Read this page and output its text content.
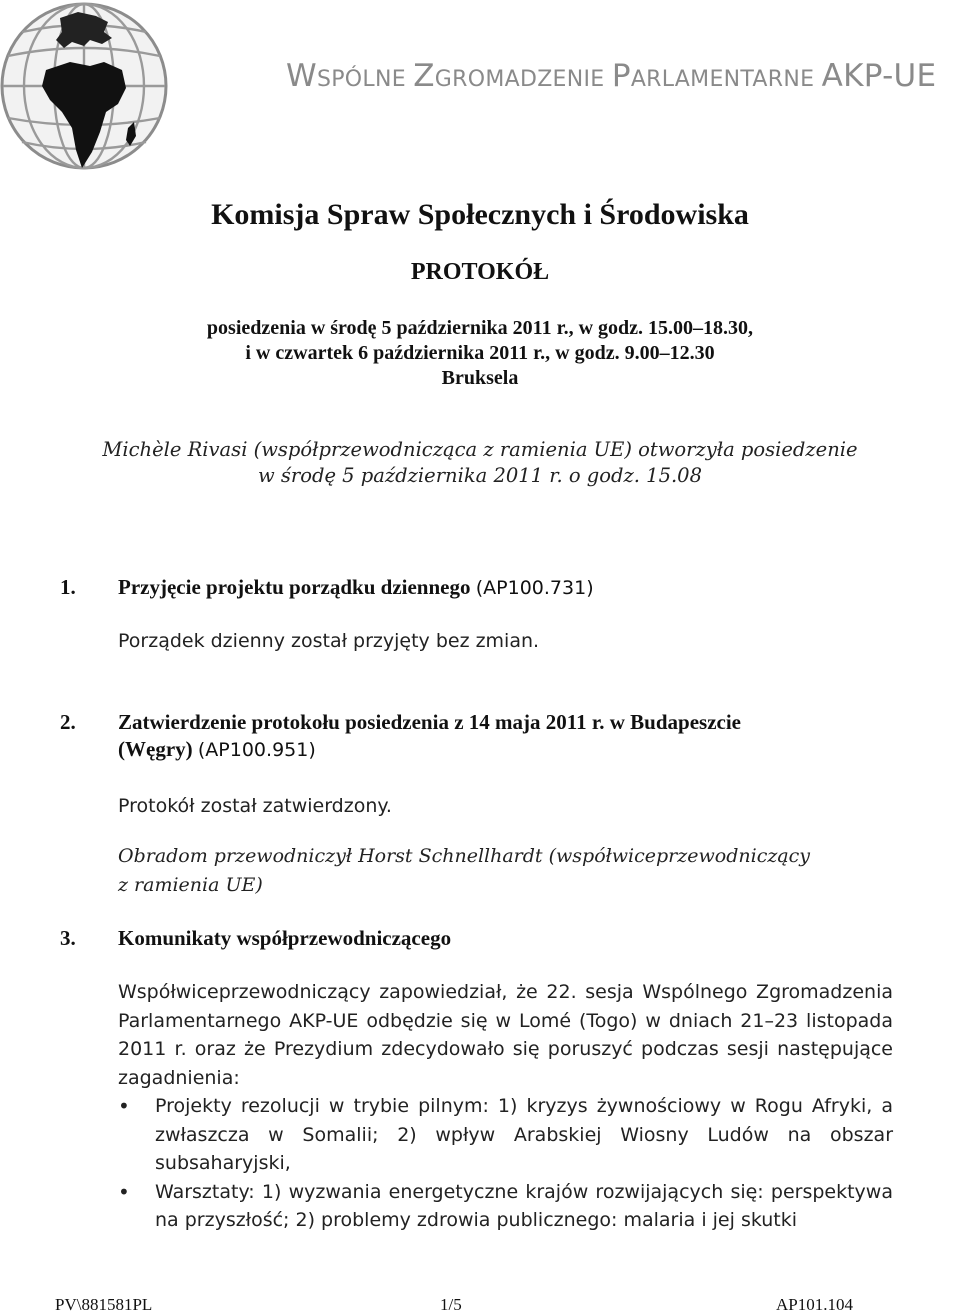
WSPÓLNE ZGROMADZENIE PARLAMENTARNE AKP-UE
Komisja Spraw Społecznych i Środowiska
PROTOKÓŁ
posiedzenia w środę 5 października 2011 r., w godz. 15.00–18.30,
i w czwartek 6 października 2011 r., w godz. 9.00–12.30
Bruksela
Michèle Rivasi (współprzewodnicząca z ramienia UE) otworzyła posiedzenie
w środę 5 października 2011 r. o godz. 15.08
1. Przyjęcie projektu porządku dziennego (AP100.731)
Porządek dzienny został przyjęty bez zmian.
2. Zatwierdzenie protokołu posiedzenia z 14 maja 2011 r. w Budapeszcie
(Węgry) (AP100.951)
Protokół został zatwierdzony.
Obradom przewodniczył Horst Schnellhardt (współwiceprzewodniczący
z ramienia UE)
3. Komunikaty współprzewodniczącego
Współwiceprzewodniczący zapowiedział, że 22. sesja Wspólnego Zgromadzenia Parlamentarnego AKP-UE odbędzie się w Lomé (Togo) w dniach 21–23 listopada 2011 r. oraz że Prezydium zdecydowało się poruszyć podczas sesji następujące zagadnienia:
• Projekty rezolucji w trybie pilnym: 1) kryzys żywnościowy w Rogu Afryki, a zwłaszcza w Somalii; 2) wpływ Arabskiej Wiosny Ludów na obszar subsaharyjski,
• Warsztaty: 1) wyzwania energetyczne krajów rozwijających się: perspektywa na przyszłość; 2) problemy zdrowia publicznego: malaria i jej skutki
PV\881581PL	1/5	AP101.104
